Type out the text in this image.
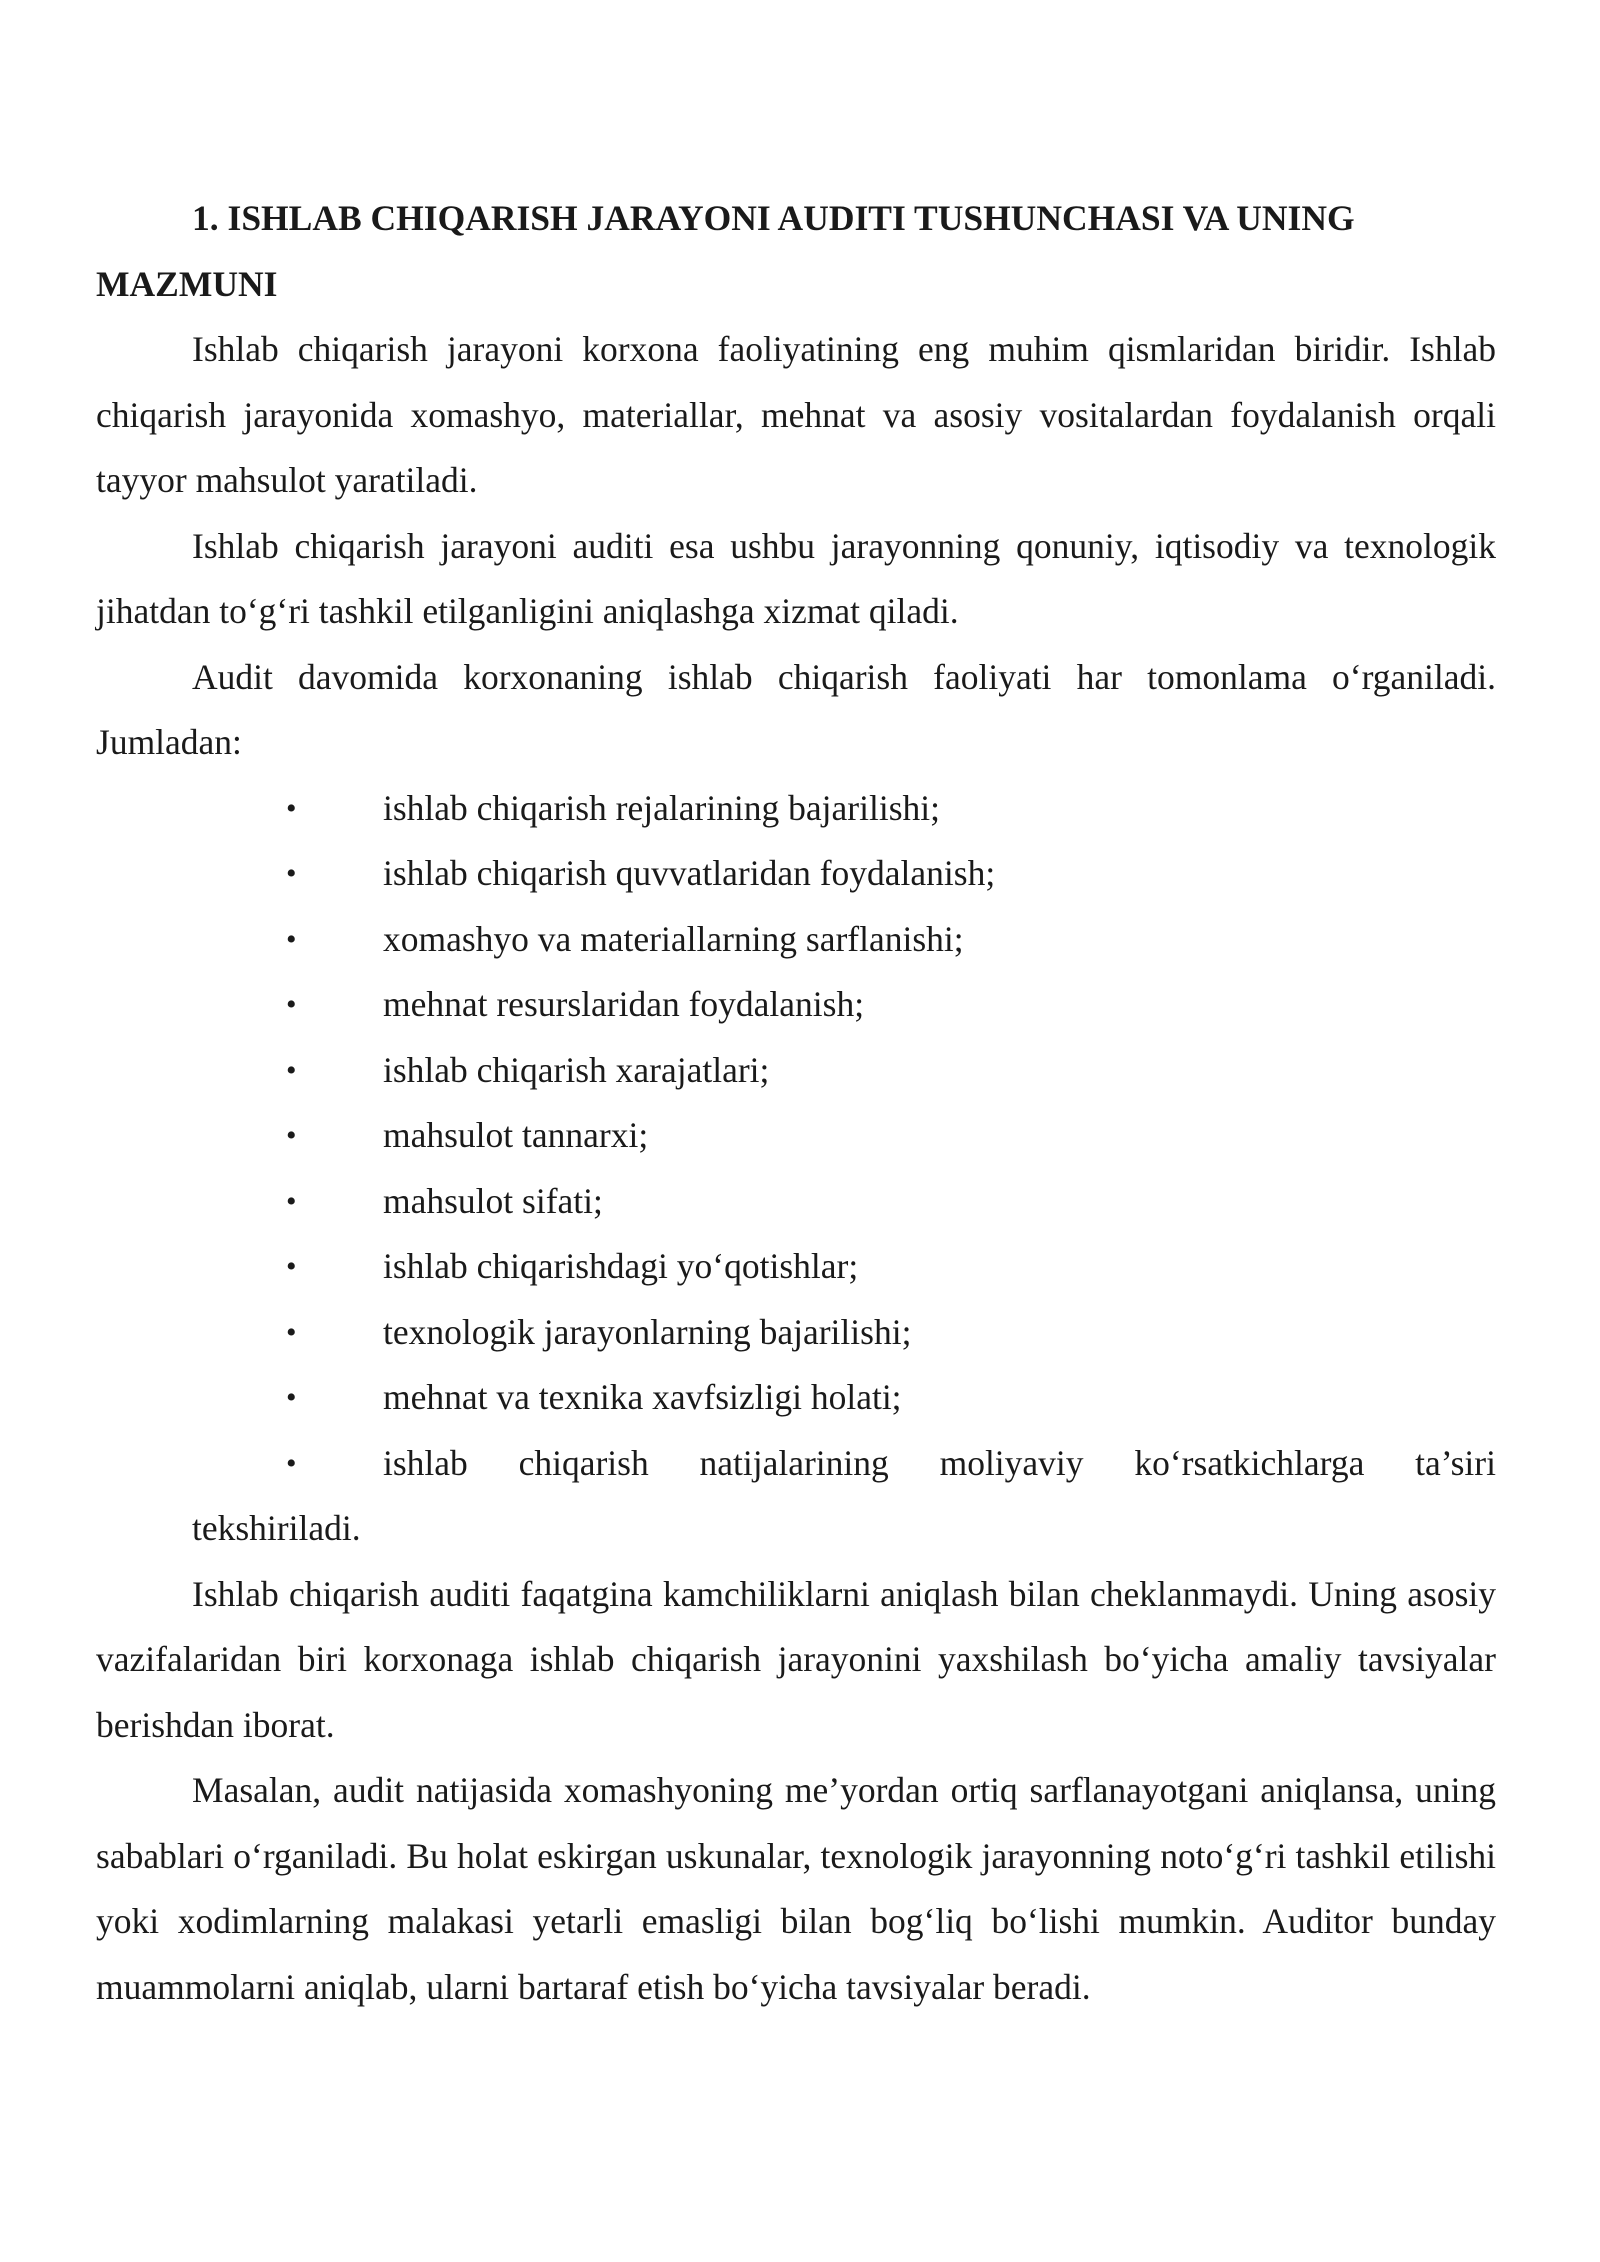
1. ISHLAB CHIQARISH JARAYONI AUDITI TUSHUNCHASI VA UNING
MAZMUNI

Ishlab chiqarish jarayoni korxona faoliyatining eng muhim qismlaridan biridir. Ishlab chiqarish jarayonida xomashyo, materiallar, mehnat va asosiy vositalardan foydalanish orqali tayyor mahsulot yaratiladi.

Ishlab chiqarish jarayoni auditi esa ushbu jarayonning qonuniy, iqtisodiy va texnologik jihatdan to‘g‘ri tashkil etilganligini aniqlashga xizmat qiladi.

Audit davomida korxonaning ishlab chiqarish faoliyati har tomonlama o‘rganiladi. Jumladan:

• ishlab chiqarish rejalarining bajarilishi;
• ishlab chiqarish quvvatlaridan foydalanish;
• xomashyo va materiallarning sarflanishi;
• mehnat resurslaridan foydalanish;
• ishlab chiqarish xarajatlari;
• mahsulot tannarxi;
• mahsulot sifati;
• ishlab chiqarishdagi yo‘qotishlar;
• texnologik jarayonlarning bajarilishi;
• mehnat va texnika xavfsizligi holati;
• ishlab chiqarish natijalarining moliyaviy ko‘rsatkichlarga ta’siri

tekshiriladi.

Ishlab chiqarish auditi faqatgina kamchiliklarni aniqlash bilan cheklanmaydi. Uning asosiy vazifalaridan biri korxonaga ishlab chiqarish jarayonini yaxshilash bo‘yicha amaliy tavsiyalar berishdan iborat.

Masalan, audit natijasida xomashyoning me’yordan ortiq sarflanayotgani aniqlansa, uning sabablari o‘rganiladi. Bu holat eskirgan uskunalar, texnologik jarayonning noto‘g‘ri tashkil etilishi yoki xodimlarning malakasi yetarli emasligi bilan bog‘liq bo‘lishi mumkin. Auditor bunday muammolarni aniqlab, ularni bartaraf etish bo‘yicha tavsiyalar beradi.
